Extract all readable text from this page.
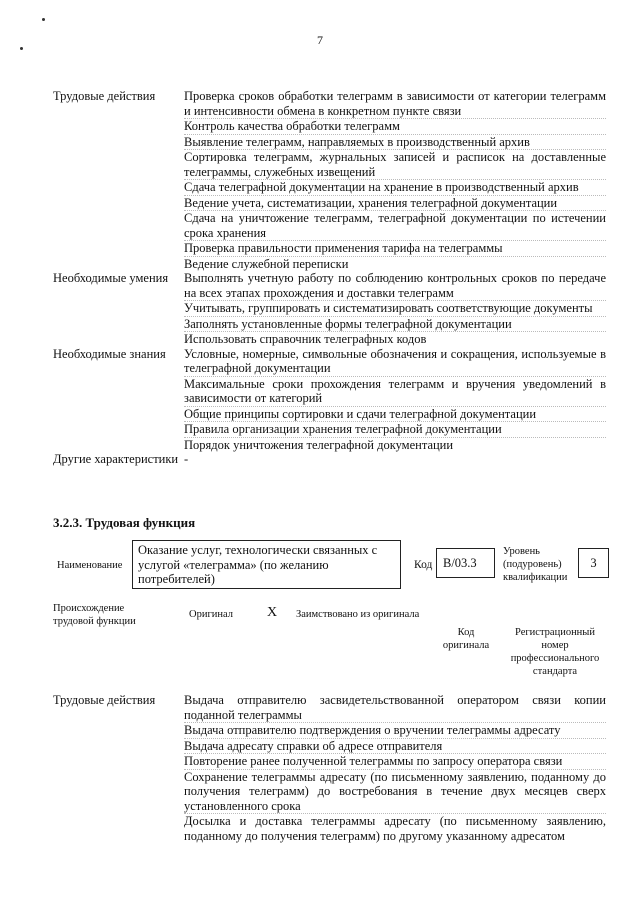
7
Трудовые действия	Проверка сроков обработки телеграмм в зависимости от категории телеграмм и интенсивности обмена в конкретном пункте связи
Контроль качества обработки телеграмм
Выявление телеграмм, направляемых в производственный архив
Сортировка телеграмм, журнальных записей и расписок на доставленные телеграммы, служебных извещений
Сдача телеграфной документации на хранение в производственный архив
Ведение учета, систематизации, хранения телеграфной документации
Сдача на уничтожение телеграмм, телеграфной документации по истечении срока хранения
Проверка правильности применения тарифа на телеграммы
Ведение служебной переписки
Необходимые умения	Выполнять учетную работу по соблюдению контрольных сроков по передаче на всех этапах прохождения и доставки телеграмм
Учитывать, группировать и систематизировать соответствующие документы
Заполнять установленные формы телеграфной документации
Использовать справочник телеграфных кодов
Необходимые знания	Условные, номерные, символьные обозначения и сокращения, используемые в телеграфной документации
Максимальные сроки прохождения телеграмм и вручения уведомлений в зависимости от категорий
Общие принципы сортировки и сдачи телеграфной документации
Правила организации хранения телеграфной документации
Порядок уничтожения телеграфной документации
Другие характеристики -
3.2.3. Трудовая функция
Наименование
Оказание услуг, технологически связанных с услугой «телеграмма» (по желанию потребителей)
Код В/03.3
Уровень (подуровень) квалификации
3
Происхождение трудовой функции
Оригинал X Заимствовано из оригинала
Код оригинала
Регистрационный номер профессионального стандарта
Трудовые действия	Выдача отправителю засвидетельствованной оператором связи копии поданной телеграммы
Выдача отправителю подтверждения о вручении телеграммы адресату
Выдача адресату справки об адресе отправителя
Повторение ранее полученной телеграммы по запросу оператора связи
Сохранение телеграммы адресату (по письменному заявлению, поданному до получения телеграмм) до востребования в течение двух месяцев сверх установленного срока
Досылка и доставка телеграммы адресату (по письменному заявлению, поданному до получения телеграмм) по другому указанному адресатом
